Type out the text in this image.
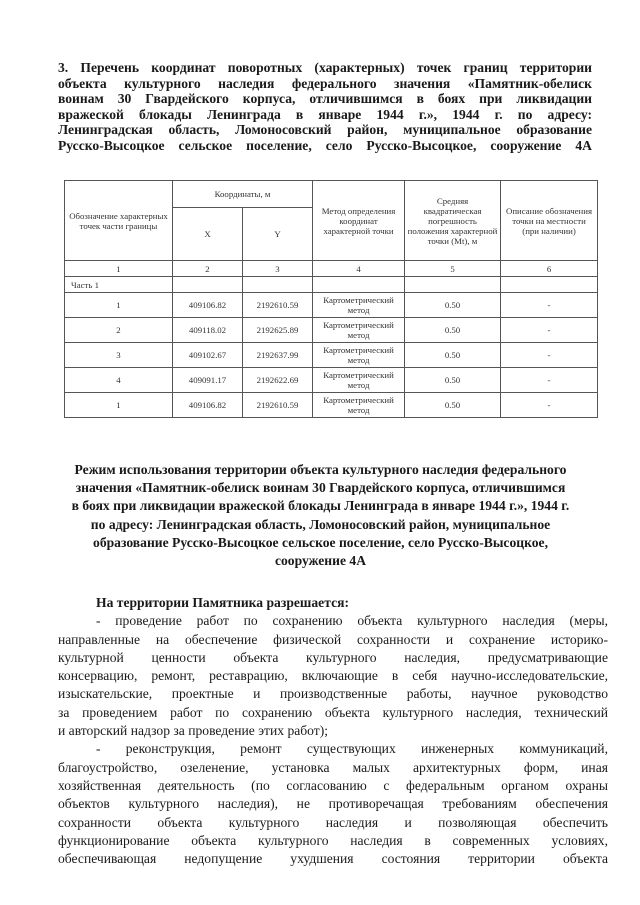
3. Перечень координат поворотных (характерных) точек границ территории
объекта культурного наследия федерального значения «Памятник-обелиск
воинам 30 Гвардейского корпуса, отличившимся в боях при ликвидации
вражеской блокады Ленинграда в январе 1944 г.», 1944 г. по адресу:
Ленинградская область, Ломоносовский район, муниципальное образование
Русско-Высоцкое сельское поселение, село Русско-Высоцкое, сооружение 4А
Обозначение характерных точек части границы	Координаты, м		Метод определения координат характерной точки	Средняя квадратическая погрешность положения характерной точки (Mt), м	Описание обозначения точки на местности (при наличии)
	X	Y			
1	2	3	4	5	6
Часть 1					
1	409106.82	2192610.59	Картометрический метод	0.50	-
2	409118.02	2192625.89	Картометрический метод	0.50	-
3	409102.67	2192637.99	Картометрический метод	0.50	-
4	409091.17	2192622.69	Картометрический метод	0.50	-
1	409106.82	2192610.59	Картометрический метод	0.50	-
Режим использования территории объекта культурного наследия федерального
значения «Памятник-обелиск воинам 30 Гвардейского корпуса, отличившимся
в боях при ликвидации вражеской блокады Ленинграда в январе 1944 г.», 1944 г.
по адресу: Ленинградская область, Ломоносовский район, муниципальное
образование Русско-Высоцкое сельское поселение, село Русско-Высоцкое,
сооружение 4А
На территории Памятника разрешается:
- проведение работ по сохранению объекта культурного наследия (меры,
направленные на обеспечение физической сохранности и сохранение историко-
культурной ценности объекта культурного наследия, предусматривающие
консервацию, ремонт, реставрацию, включающие в себя научно-исследовательские,
изыскательские, проектные и производственные работы, научное руководство
за проведением работ по сохранению объекта культурного наследия, технический
и авторский надзор за проведение этих работ);
- реконструкция, ремонт существующих инженерных коммуникаций,
благоустройство, озеленение, установка малых архитектурных форм, иная
хозяйственная деятельность (по согласованию с федеральным органом охраны
объектов культурного наследия), не противоречащая требованиям обеспечения
сохранности объекта культурного наследия и позволяющая обеспечить
функционирование объекта культурного наследия в современных условиях,
обеспечивающая недопущение ухудшения состояния территории объекта
